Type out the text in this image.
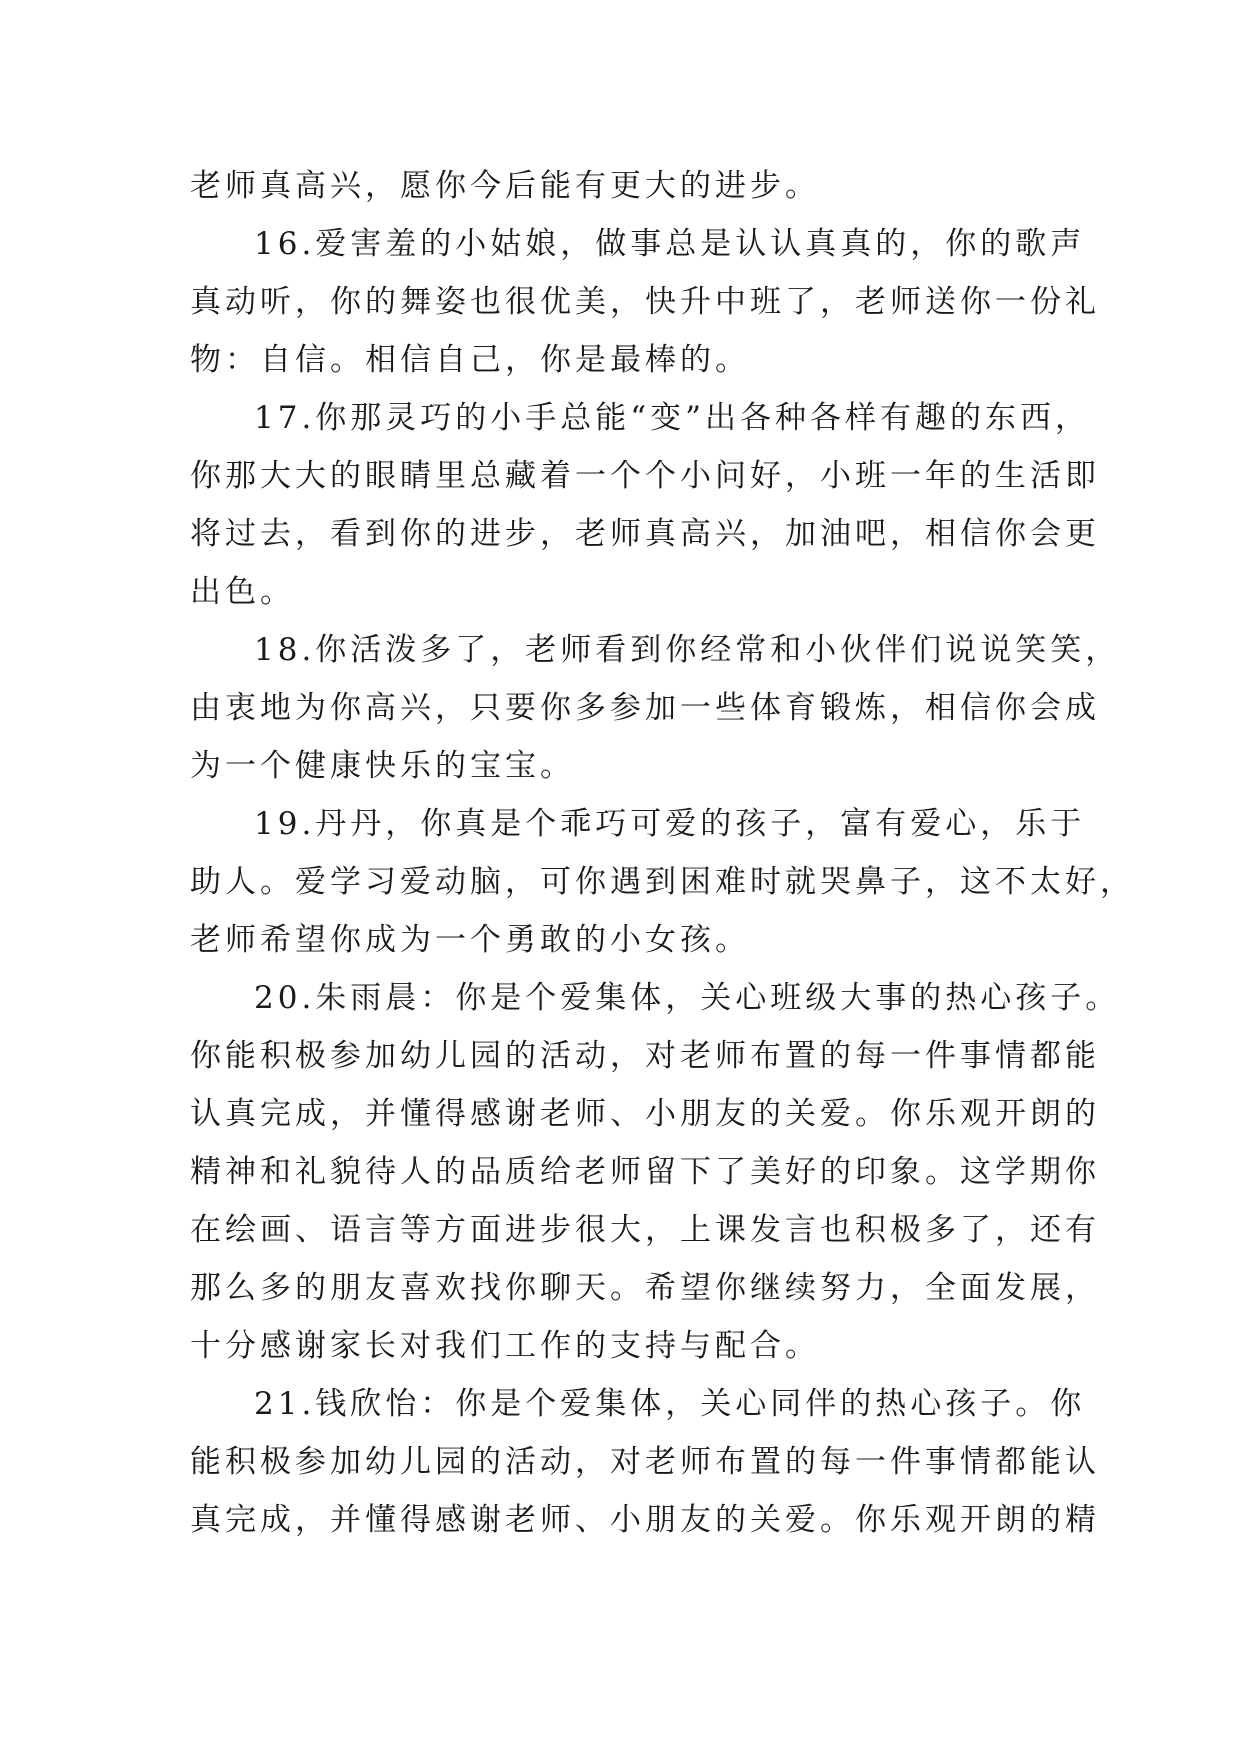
老师真高兴，愿你今后能有更大的进步。
16.爱害羞的小姑娘，做事总是认认真真的，你的歌声
真动听，你的舞姿也很优美，快升中班了，老师送你一份礼
物：自信。相信自己，你是最棒的。
17.你那灵巧的小手总能“变”出各种各样有趣的东西，
你那大大的眼睛里总藏着一个个小问好，小班一年的生活即
将过去，看到你的进步，老师真高兴，加油吧，相信你会更
出色。
18.你活泼多了，老师看到你经常和小伙伴们说说笑笑，
由衷地为你高兴，只要你多参加一些体育锻炼，相信你会成
为一个健康快乐的宝宝。
19.丹丹，你真是个乖巧可爱的孩子，富有爱心，乐于
助人。爱学习爱动脑，可你遇到困难时就哭鼻子，这不太好，
老师希望你成为一个勇敢的小女孩。
20.朱雨晨：你是个爱集体，关心班级大事的热心孩子。
你能积极参加幼儿园的活动，对老师布置的每一件事情都能
认真完成，并懂得感谢老师、小朋友的关爱。你乐观开朗的
精神和礼貌待人的品质给老师留下了美好的印象。这学期你
在绘画、语言等方面进步很大，上课发言也积极多了，还有
那么多的朋友喜欢找你聊天。希望你继续努力，全面发展，
十分感谢家长对我们工作的支持与配合。
21.钱欣怡：你是个爱集体，关心同伴的热心孩子。你
能积极参加幼儿园的活动，对老师布置的每一件事情都能认
真完成，并懂得感谢老师、小朋友的关爱。你乐观开朗的精
